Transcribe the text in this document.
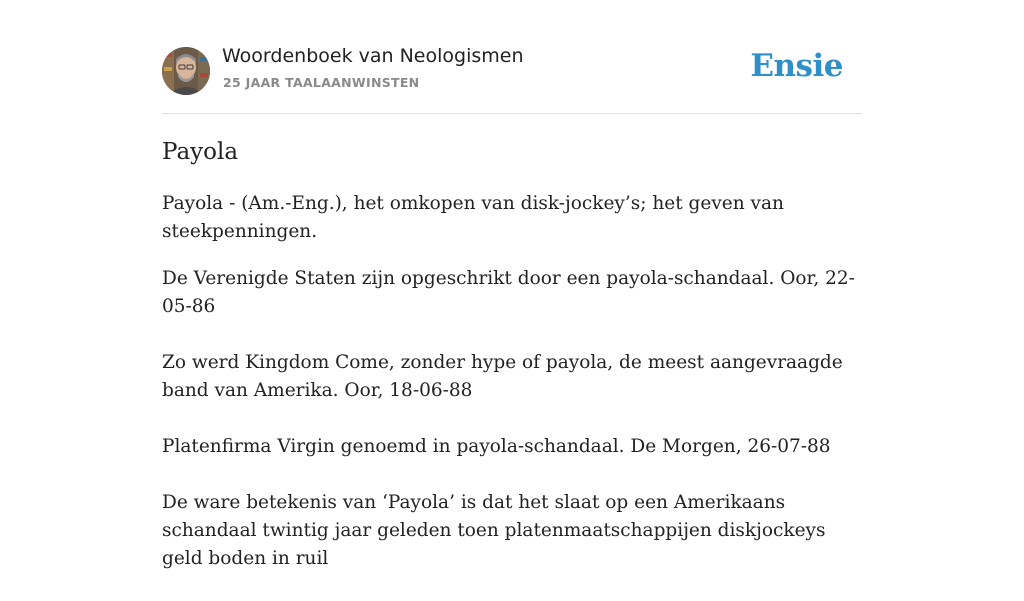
Woordenboek van Neologismen
25 JAAR TAALAANWINSTEN	Ensie
Payola

Payola - (Am.-Eng.), het omkopen van disk-jockey’s; het geven van steekpenningen.

De Verenigde Staten zijn opgeschrikt door een payola-schandaal. Oor, 22-05-86
Zo werd Kingdom Come, zonder hype of payola, de meest aangevraagde band van Amerika. Oor, 18-06-88
Platenfirma Virgin genoemd in payola-schandaal. De Morgen, 26-07-88
De ware betekenis van ‘Payola’ is dat het slaat op een Amerikaans schandaal twintig jaar geleden toen platenmaatschappijen diskjockeys geld boden in ruil
